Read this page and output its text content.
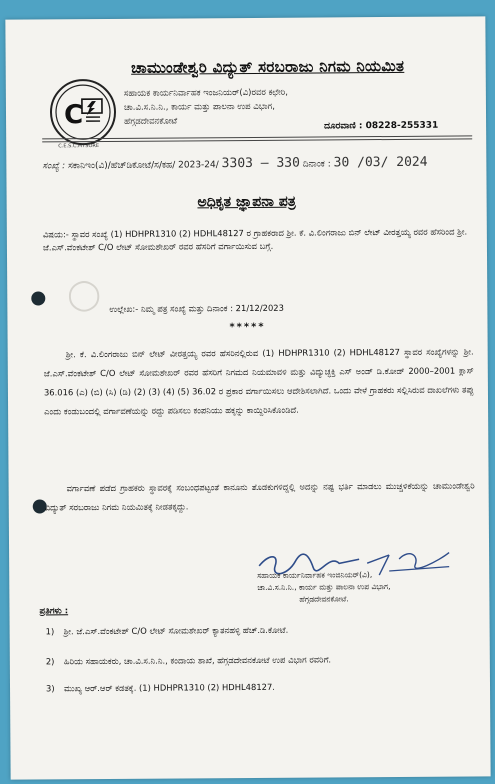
C
C.E.S.C.MYSORE
ಚಾಮುಂಡೇಶ್ವರಿ ವಿದ್ಯುತ್ ಸರಬರಾಜು ನಿಗಮ ನಿಯಮಿತ
ಸಹಾಯಕ ಕಾರ್ಯನಿರ್ವಾಹಕ ಇಂಜನಿಯರ್(ವಿ)ರವರ ಕಛೇರಿ,
ಚಾ.ವಿ.ಸ.ನಿ.ನಿ., ಕಾರ್ಯ ಮತ್ತು ಪಾಲನಾ ಉಪ ವಿಭಾಗ,
ಹೆಗ್ಗಡದೇವನಕೋಟೆ	ದೂರವಾಣಿ : 08228-255331
ಸಂಖ್ಯೆ : ಸಕಾನಿಇಂ(ವಿ)/ಹೆಚ್‌ಡಿಕೋಟೆ/ಸ/ಕಹ/ 2023-24/ 3303 – 330 ದಿನಾಂಕ : 30 /03/ 2024
ಅಧಿಕೃತ ಜ್ಞಾಪನಾ ಪತ್ರ
ವಿಷಯ:- ಸ್ಥಾವರ ಸಂಖ್ಯೆ (1) HDHPR1310 (2) HDHL48127 ರ ಗ್ರಾಹಕರಾದ ಶ್ರೀ. ಕೆ. ವಿ.ಲಿಂಗರಾಜು ಬಿನ್ ಲೇಟ್ ವೀರತ್ತಯ್ಯ ರವರ ಹೆಸರಿಂದ ಶ್ರೀ. ಜೆ.ಎಸ್.ವೆಂಕಟೇಶ್ C/O ಲೇಟ್ ಸೋಮಶೇಖರ್ ರವರ ಹೆಸರಿಗೆ ವರ್ಗಾಯಿಸುವ ಬಗ್ಗೆ.
◯ ಉಲ್ಲೇಖ:- ನಿಮ್ಮ ಪತ್ರ ಸಂಖ್ಯೆ ಮತ್ತು ದಿನಾಂಕ : 21/12/2023
*****
ಶ್ರೀ. ಕೆ. ವಿ.ಲಿಂಗರಾಜು ಬಿನ್ ಲೇಟ್ ವೀರತ್ತಯ್ಯ ರವರ ಹೆಸರಿನಲ್ಲಿರುವ (1) HDHPR1310 (2) HDHL48127 ಸ್ಥಾವರ ಸಂಖ್ಯೆಗಳನ್ನು ಶ್ರೀ. ಜೆ.ಎಸ್.ವೆಂಕಟೇಶ್ C/O ಲೇಟ್ ಸೋಮಶೇಖರ್ ರವರ ಹೆಸರಿಗೆ ನಿಗಮದ ನಿಯಮಾವಳಿ ಮತ್ತು ವಿದ್ಯುಚ್ಛಕ್ತಿ ಎಸ್ ಅಂಡ್ ಡಿ.ಕೋಡ್ 2000–2001 ಕ್ಲಾಸ್ 36.016 (ಎ) (ಬಿ) (ಸಿ) (ಡಿ) (2) (3) (4) (5) 36.02 ರ ಪ್ರಕಾರ ವರ್ಗಾಯಿಸಲು ಆದೇಶಿಸಲಾಗಿದೆ. ಒಂದು ವೇಳೆ ಗ್ರಾಹಕರು ಸಲ್ಲಿಸಿರುವ ದಾಖಲೆಗಳು ತಪ್ಪು ಎಂದು ಕಂಡುಬಂದಲ್ಲಿ ವರ್ಗಾವಣೆಯನ್ನು ರದ್ದು ಪಡಿಸಲು ಕಂಪನಿಯು ಹಕ್ಕನ್ನು ಕಾಯ್ದಿರಿಸಿಕೊಂಡಿದೆ.
ವರ್ಗಾವಣೆ ಪಡೆದ ಗ್ರಾಹಕರು ಸ್ಥಾವರಕ್ಕೆ ಸಂಬಂಧಪಟ್ಟಂತೆ ಕಾನೂನು ತೊಡಕುಗಳಿದ್ದಲ್ಲಿ ಅದನ್ನು ನಷ್ಟ ಭರ್ತಿ ಮಾಡಲು ಮುಚ್ಚಳಿಕೆಯನ್ನು ಚಾಮುಂಡೇಶ್ವರಿ ವಿದ್ಯುತ್ ಸರಬರಾಜು ನಿಗಮ ನಿಯಮಿತಕ್ಕೆ ನೀಡತಕ್ಕದ್ದು.
ಸಹಾಯಕ ಕಾರ್ಯನಿರ್ವಾಹಕ ಇಂಜಿನಿಯರ್(ವಿ),
ಚಾ.ವಿ.ಸ.ನಿ.ನಿ., ಕಾರ್ಯ ಮತ್ತು ಪಾಲನಾ ಉಪ ವಿಭಾಗ,
ಹೆಗ್ಗಡದೇವನಕೋಟೆ.
ಪ್ರತಿಗಳು :
1) ಶ್ರೀ. ಜೆ.ಎಸ್.ವೆಂಕಟೇಶ್ C/O ಲೇಟ್ ಸೋಮಶೇಖರ್ ಕ್ಯಾತನಹಳ್ಳಿ ಹೆಚ್.ಡಿ.ಕೋಟೆ.
2) ಹಿರಿಯ ಸಹಾಯಕರು, ಚಾ.ವಿ.ಸ.ನಿ.ನಿ., ಕಂದಾಯ ಶಾಖೆ, ಹೆಗ್ಗಡದೇವನಕೋಟೆ ಉಪ ವಿಭಾಗ ರವರಿಗೆ.
3) ಮುಖ್ಯ ಆರ್.ಆರ್ ಕಡತಕ್ಕೆ. (1) HDHPR1310 (2) HDHL48127.
